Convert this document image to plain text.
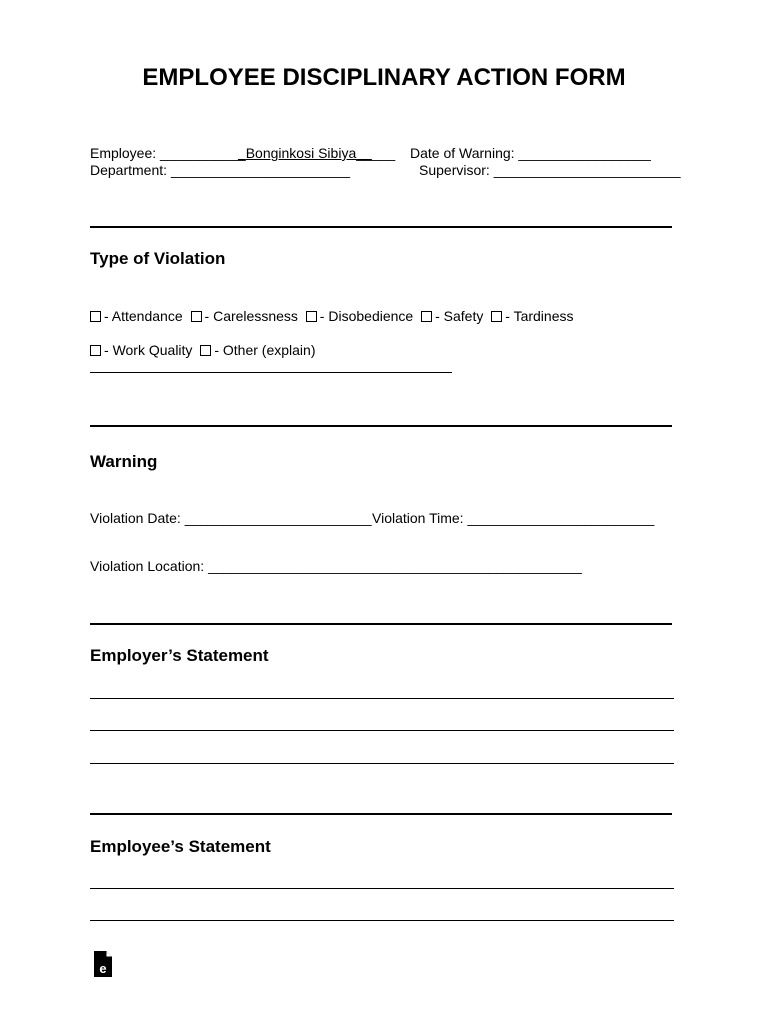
EMPLOYEE DISCIPLINARY ACTION FORM
Employee: ___________Bonginkosi Sibiya_____ Date of Warning: _________________
Department: _______________________	Supervisor: ________________________
Type of Violation
- Attendance - Carelessness - Disobedience - Safety - Tardiness
- Work Quality - Other (explain)
Warning
Violation Date: ________________________ Violation Time: ________________________
Violation Location: ________________________________________________
Employer’s Statement
Employee’s Statement
e
